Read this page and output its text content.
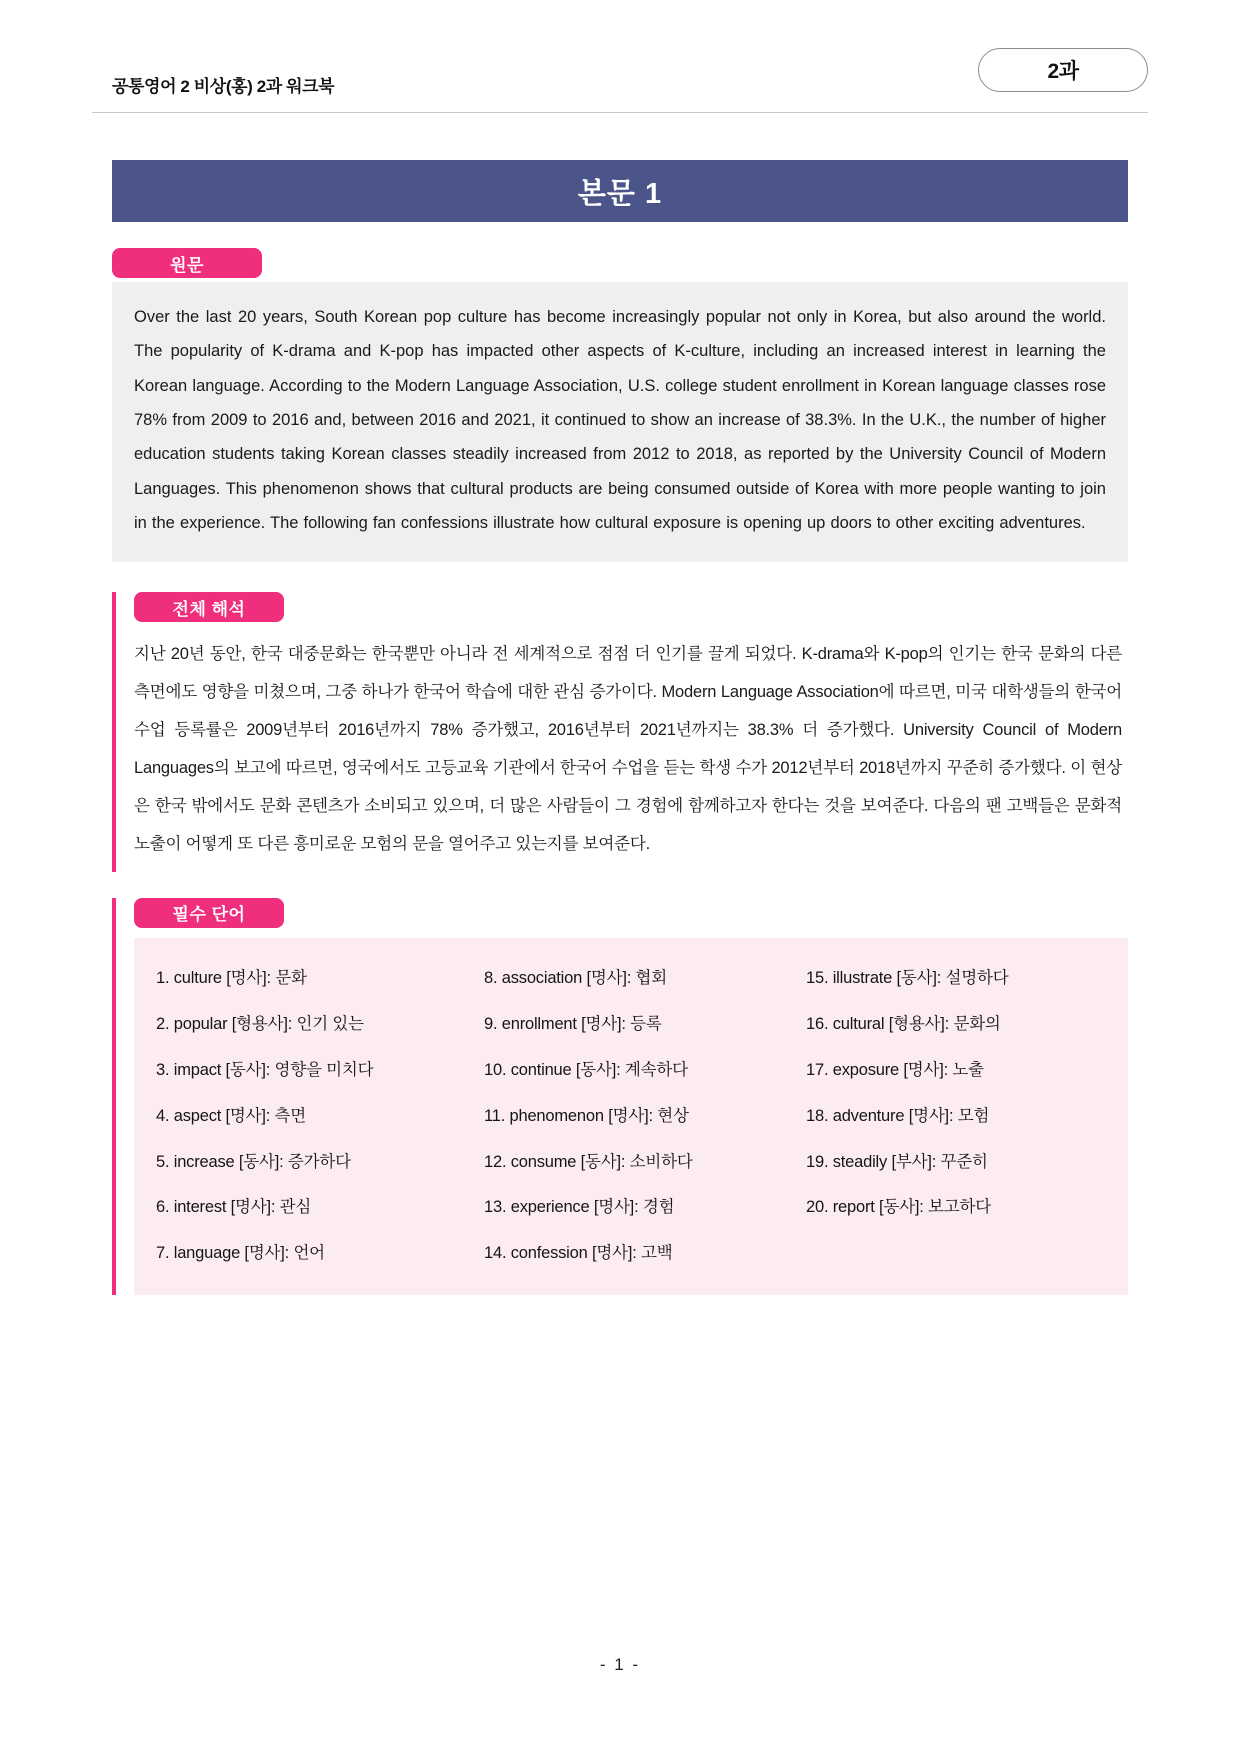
공통영어 2 비상(홍) 2과 워크북
2과
본문 1
원문

Over the last 20 years, South Korean pop culture has become increasingly popular not only in Korea, but also around the world. The popularity of K-drama and K-pop has impacted other aspects of K-culture, including an increased interest in learning the Korean language. According to the Modern Language Association, U.S. college student enrollment in Korean language classes rose 78% from 2009 to 2016 and, between 2016 and 2021, it continued to show an increase of 38.3%. In the U.K., the number of higher education students taking Korean classes steadily increased from 2012 to 2018, as reported by the University Council of Modern Languages. This phenomenon shows that cultural products are being consumed outside of Korea with more people wanting to join in the experience. The following fan confessions illustrate how cultural exposure is opening up doors to other exciting adventures.

전체 해석

지난 20년 동안, 한국 대중문화는 한국뿐만 아니라 전 세계적으로 점점 더 인기를 끌게 되었다. K-drama와 K-pop의 인기는 한국 문화의 다른 측면에도 영향을 미쳤으며, 그중 하나가 한국어 학습에 대한 관심 증가이다. Modern Language Association에 따르면, 미국 대학생들의 한국어 수업 등록률은 2009년부터 2016년까지 78% 증가했고, 2016년부터 2021년까지는 38.3% 더 증가했다. University Council of Modern Languages의 보고에 따르면, 영국에서도 고등교육 기관에서 한국어 수업을 듣는 학생 수가 2012년부터 2018년까지 꾸준히 증가했다. 이 현상은 한국 밖에서도 문화 콘텐츠가 소비되고 있으며, 더 많은 사람들이 그 경험에 함께하고자 한다는 것을 보여준다. 다음의 팬 고백들은 문화적 노출이 어떻게 또 다른 흥미로운 모험의 문을 열어주고 있는지를 보여준다.

필수 단어
1. culture [명사]: 문화
2. popular [형용사]: 인기 있는
3. impact [동사]: 영향을 미치다
4. aspect [명사]: 측면
5. increase [동사]: 증가하다
6. interest [명사]: 관심
7. language [명사]: 언어
8. association [명사]: 협회
9. enrollment [명사]: 등록
10. continue [동사]: 계속하다
11. phenomenon [명사]: 현상
12. consume [동사]: 소비하다
13. experience [명사]: 경험
14. confession [명사]: 고백
15. illustrate [동사]: 설명하다
16. cultural [형용사]: 문화의
17. exposure [명사]: 노출
18. adventure [명사]: 모험
19. steadily [부사]: 꾸준히
20. report [동사]: 보고하다
- 1 -
